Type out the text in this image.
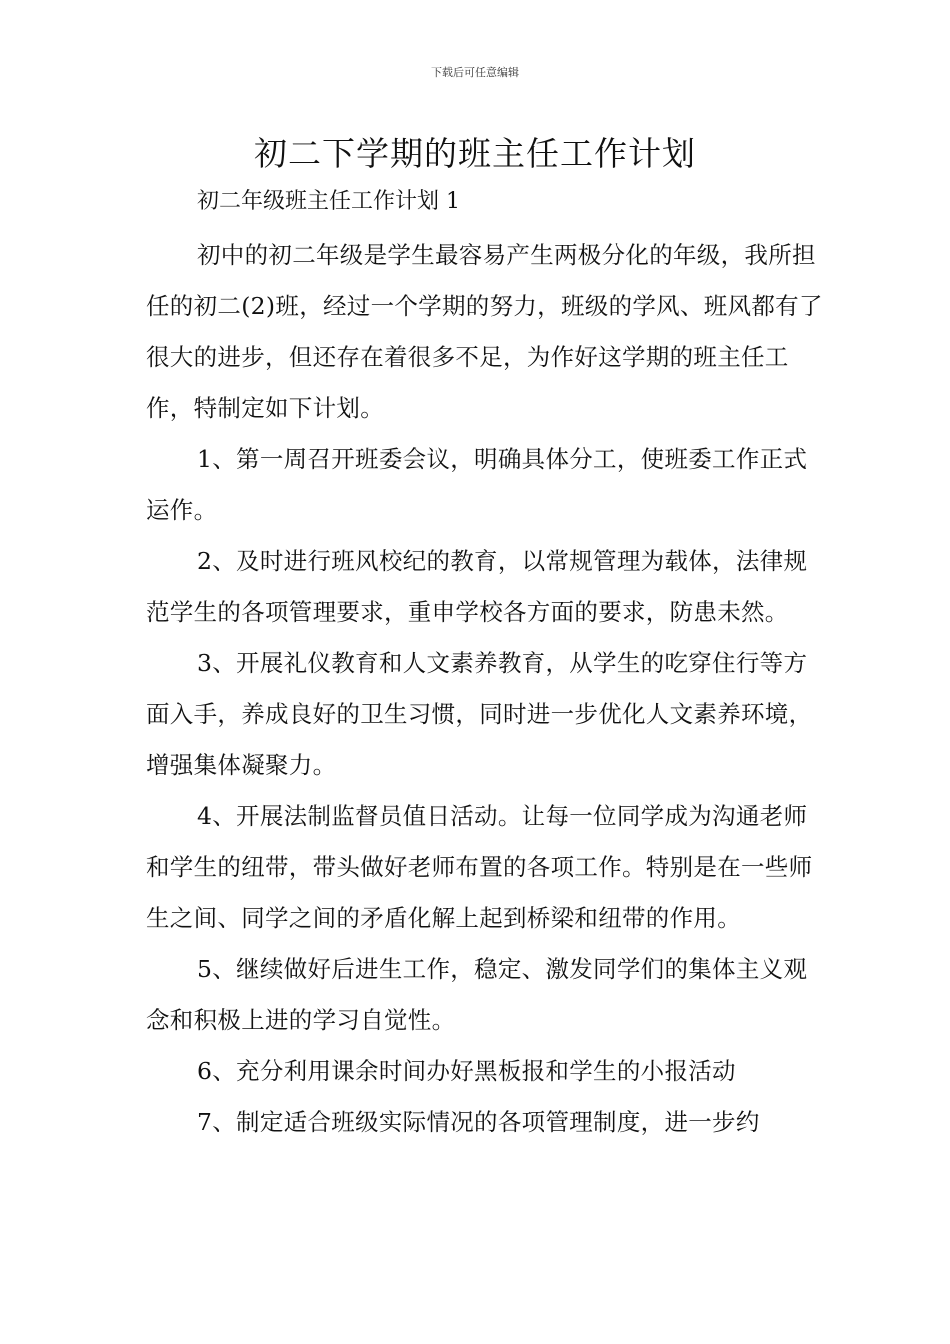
下载后可任意编辑
初二下学期的班主任工作计划
初二年级班主任工作计划 1

初中的初二年级是学生最容易产生两极分化的年级，我所担任的初二(2)班，经过一个学期的努力，班级的学风、班风都有了很大的进步，但还存在着很多不足，为作好这学期的班主任工作，特制定如下计划。

1、第一周召开班委会议，明确具体分工，使班委工作正式运作。

2、及时进行班风校纪的教育，以常规管理为载体，法律规范学生的各项管理要求，重申学校各方面的要求，防患未然。

3、开展礼仪教育和人文素养教育，从学生的吃穿住行等方面入手，养成良好的卫生习惯，同时进一步优化人文素养环境，增强集体凝聚力。

4、开展法制监督员值日活动。让每一位同学成为沟通老师和学生的纽带，带头做好老师布置的各项工作。特别是在一些师生之间、同学之间的矛盾化解上起到桥梁和纽带的作用。

5、继续做好后进生工作，稳定、激发同学们的集体主义观念和积极上进的学习自觉性。

6、充分利用课余时间办好黑板报和学生的小报活动

7、制定适合班级实际情况的各项管理制度，进一步约
